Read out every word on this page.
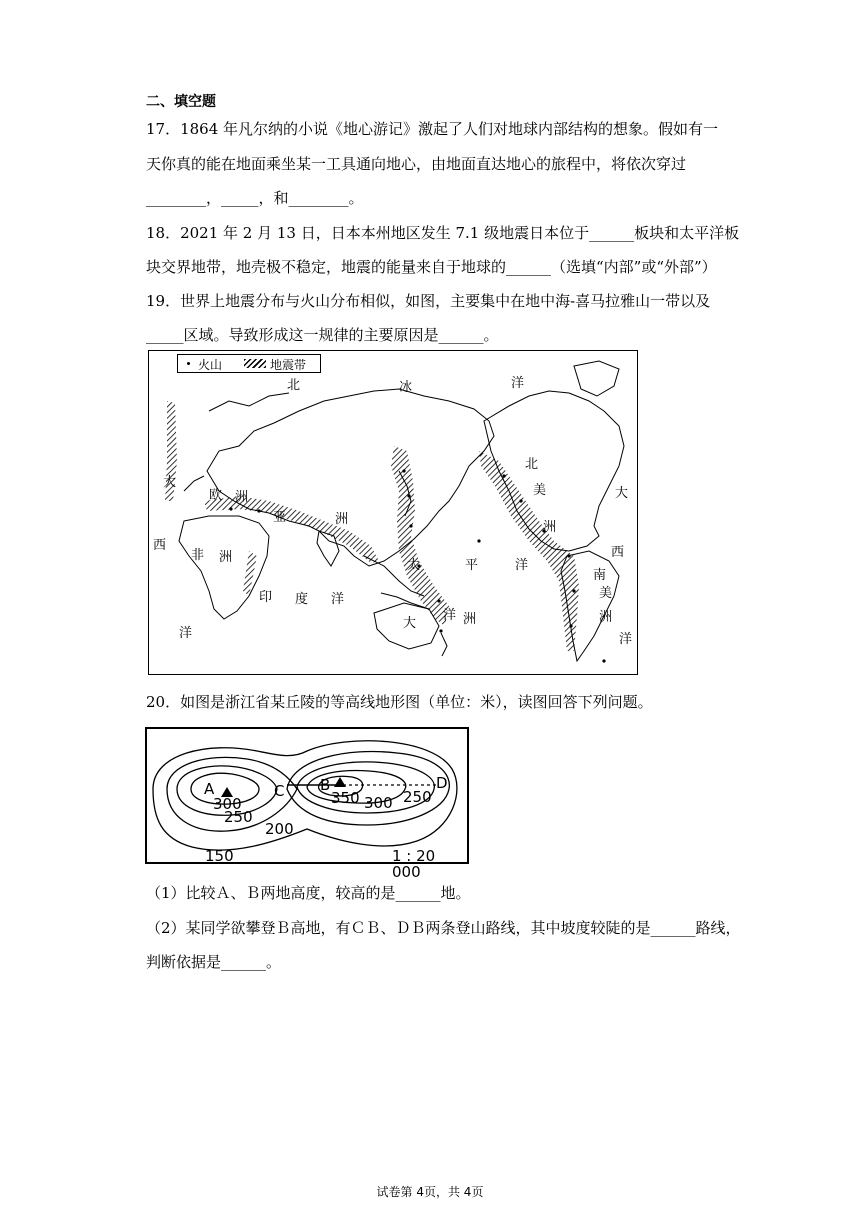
二、填空题
17．1864 年凡尔纳的小说《地心游记》激起了人们对地球内部结构的想象。假如有一
天你真的能在地面乘坐某一工具通向地心，由地面直达地心的旅程中，将依次穿过
________，_____，和________。
18．2021 年 2 月 13 日，日本本州地区发生 7.1 级地震日本位于______板块和太平洋板
块交界地带，地壳极不稳定，地震的能量来自于地球的______（选填“内部”或“外部”）
19．世界上地震分布与火山分布相似，如图，主要集中在地中海-喜马拉雅山一带以及
_____区域。导致形成这一规律的主要原因是______。
火山	地震带
北	冰	洋
北
美	大
洲
西
大
欧 洲
亚	洲
西
非 洲
太	平	洋
南
美
洲
洋
印 度 洋
大
洋 洲
洋
20．如图是浙江省某丘陵的等高线地形图（单位：米），读图回答下列问题。
A	B
C	D
300
250
200
150
350 300 250
1 : 20 000
（1）比较Ａ、Ｂ两地高度，较高的是______地。
（2）某同学欲攀登Ｂ高地，有ＣＢ、ＤＢ两条登山路线，其中坡度较陡的是______路线，
判断依据是______。
试卷第 4页，共 4页
